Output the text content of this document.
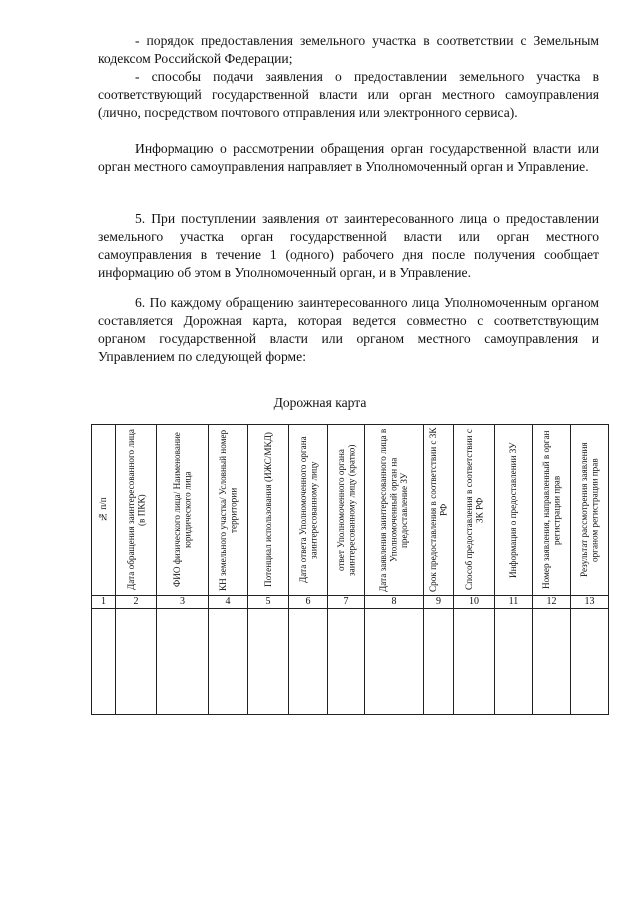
- порядок предоставления земельного участка в соответствии с Земельным кодексом Российской Федерации;
- способы подачи заявления о предоставлении земельного участка в соответствующий государственной власти или орган местного самоуправления (лично, посредством почтового отправления или электронного сервиса).
Информацию о рассмотрении обращения орган государственной власти или орган местного самоуправления направляет в Уполномоченный орган и Управление.
5. При поступлении заявления от заинтересованного лица о предоставлении земельного участка орган государственной власти или орган местного самоуправления в течение 1 (одного) рабочего дня после получения сообщает информацию об этом в Уполномоченный орган, и в Управление.
6. По каждому обращению заинтересованного лица Уполномоченным органом составляется Дорожная карта, которая ведется совместно с соответствующим органом государственной власти или органом местного самоуправления и Управлением по следующей форме:
Дорожная карта
№ п/п	Дата обращения заинтересованного лица (в ПКК)	ФИО физического лица/ Наименование юридического лица	КН земельного участка/ Условный номер территории	Потенциал использования (ИЖС/МКД)	Дата ответа Уполномоченного органа заинтересованному лицу	ответ Уполномоченного органа заинтересованному лицу (кратко)	Дата заявления заинтересованного лица в Уполномоченный орган на предоставление ЗУ	Срок предоставления в соответствии с ЗК РФ	Способ предоставления в соответствии с ЗК РФ	Информация о предоставлении ЗУ	Номер заявления, направленный в орган регистрации прав	Результат рассмотрения заявления органом регистрации прав

1	2	3	4	5	6	7	8	9	10	11	12	13
